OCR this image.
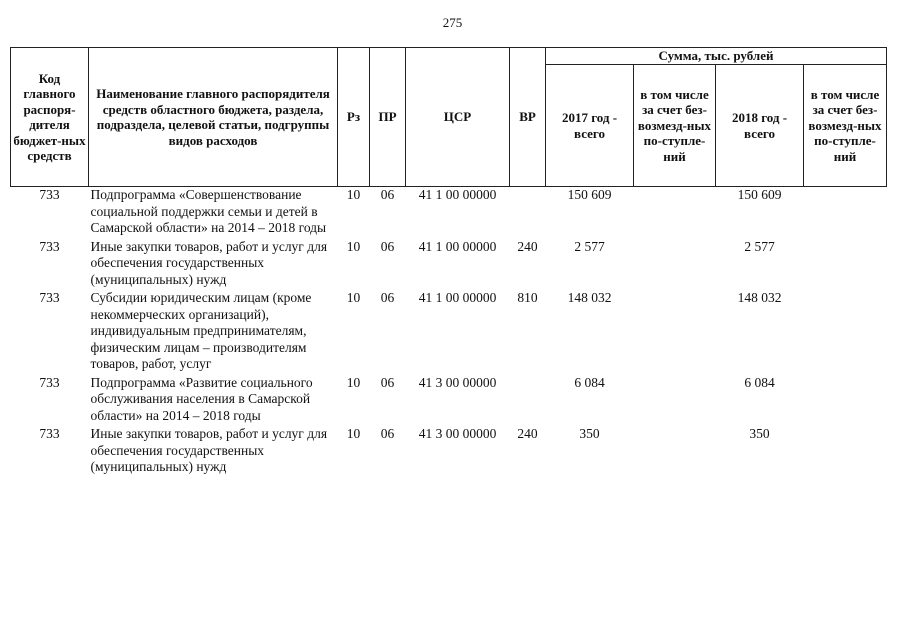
275
Код главного распоря-дителя бюджет-ных средств	Наименование главного распорядителя средств областного бюджета, раздела, подраздела, целевой статьи, подгруппы видов расходов	Рз	ПР	ЦСР	ВР	Сумма, тыс. рублей			
						2017 год - всего	в том числе за счет без-возмезд-ных по-ступле-ний	2018 год - всего	в том числе за счет без-возмезд-ных по-ступле-ний
733	Подпрограмма «Совершенствование социальной поддержки семьи и детей в Самарской области» на 2014 – 2018 годы	10	06	41 1 00 00000		150 609		150 609	
733	Иные закупки товаров, работ и услуг для обеспечения государственных (муниципальных) нужд	10	06	41 1 00 00000	240	2 577		2 577	
733	Субсидии юридическим лицам (кроме некоммерческих организаций), индивидуальным предпринимателям, физическим лицам – производителям товаров, работ, услуг	10	06	41 1 00 00000	810	148 032		148 032	
733	Подпрограмма «Развитие социального обслуживания населения в Самарской области» на 2014 – 2018 годы	10	06	41 3 00 00000		6 084		6 084	
733	Иные закупки товаров, работ и услуг для обеспечения государственных (муниципальных) нужд	10	06	41 3 00 00000	240	350		350	
